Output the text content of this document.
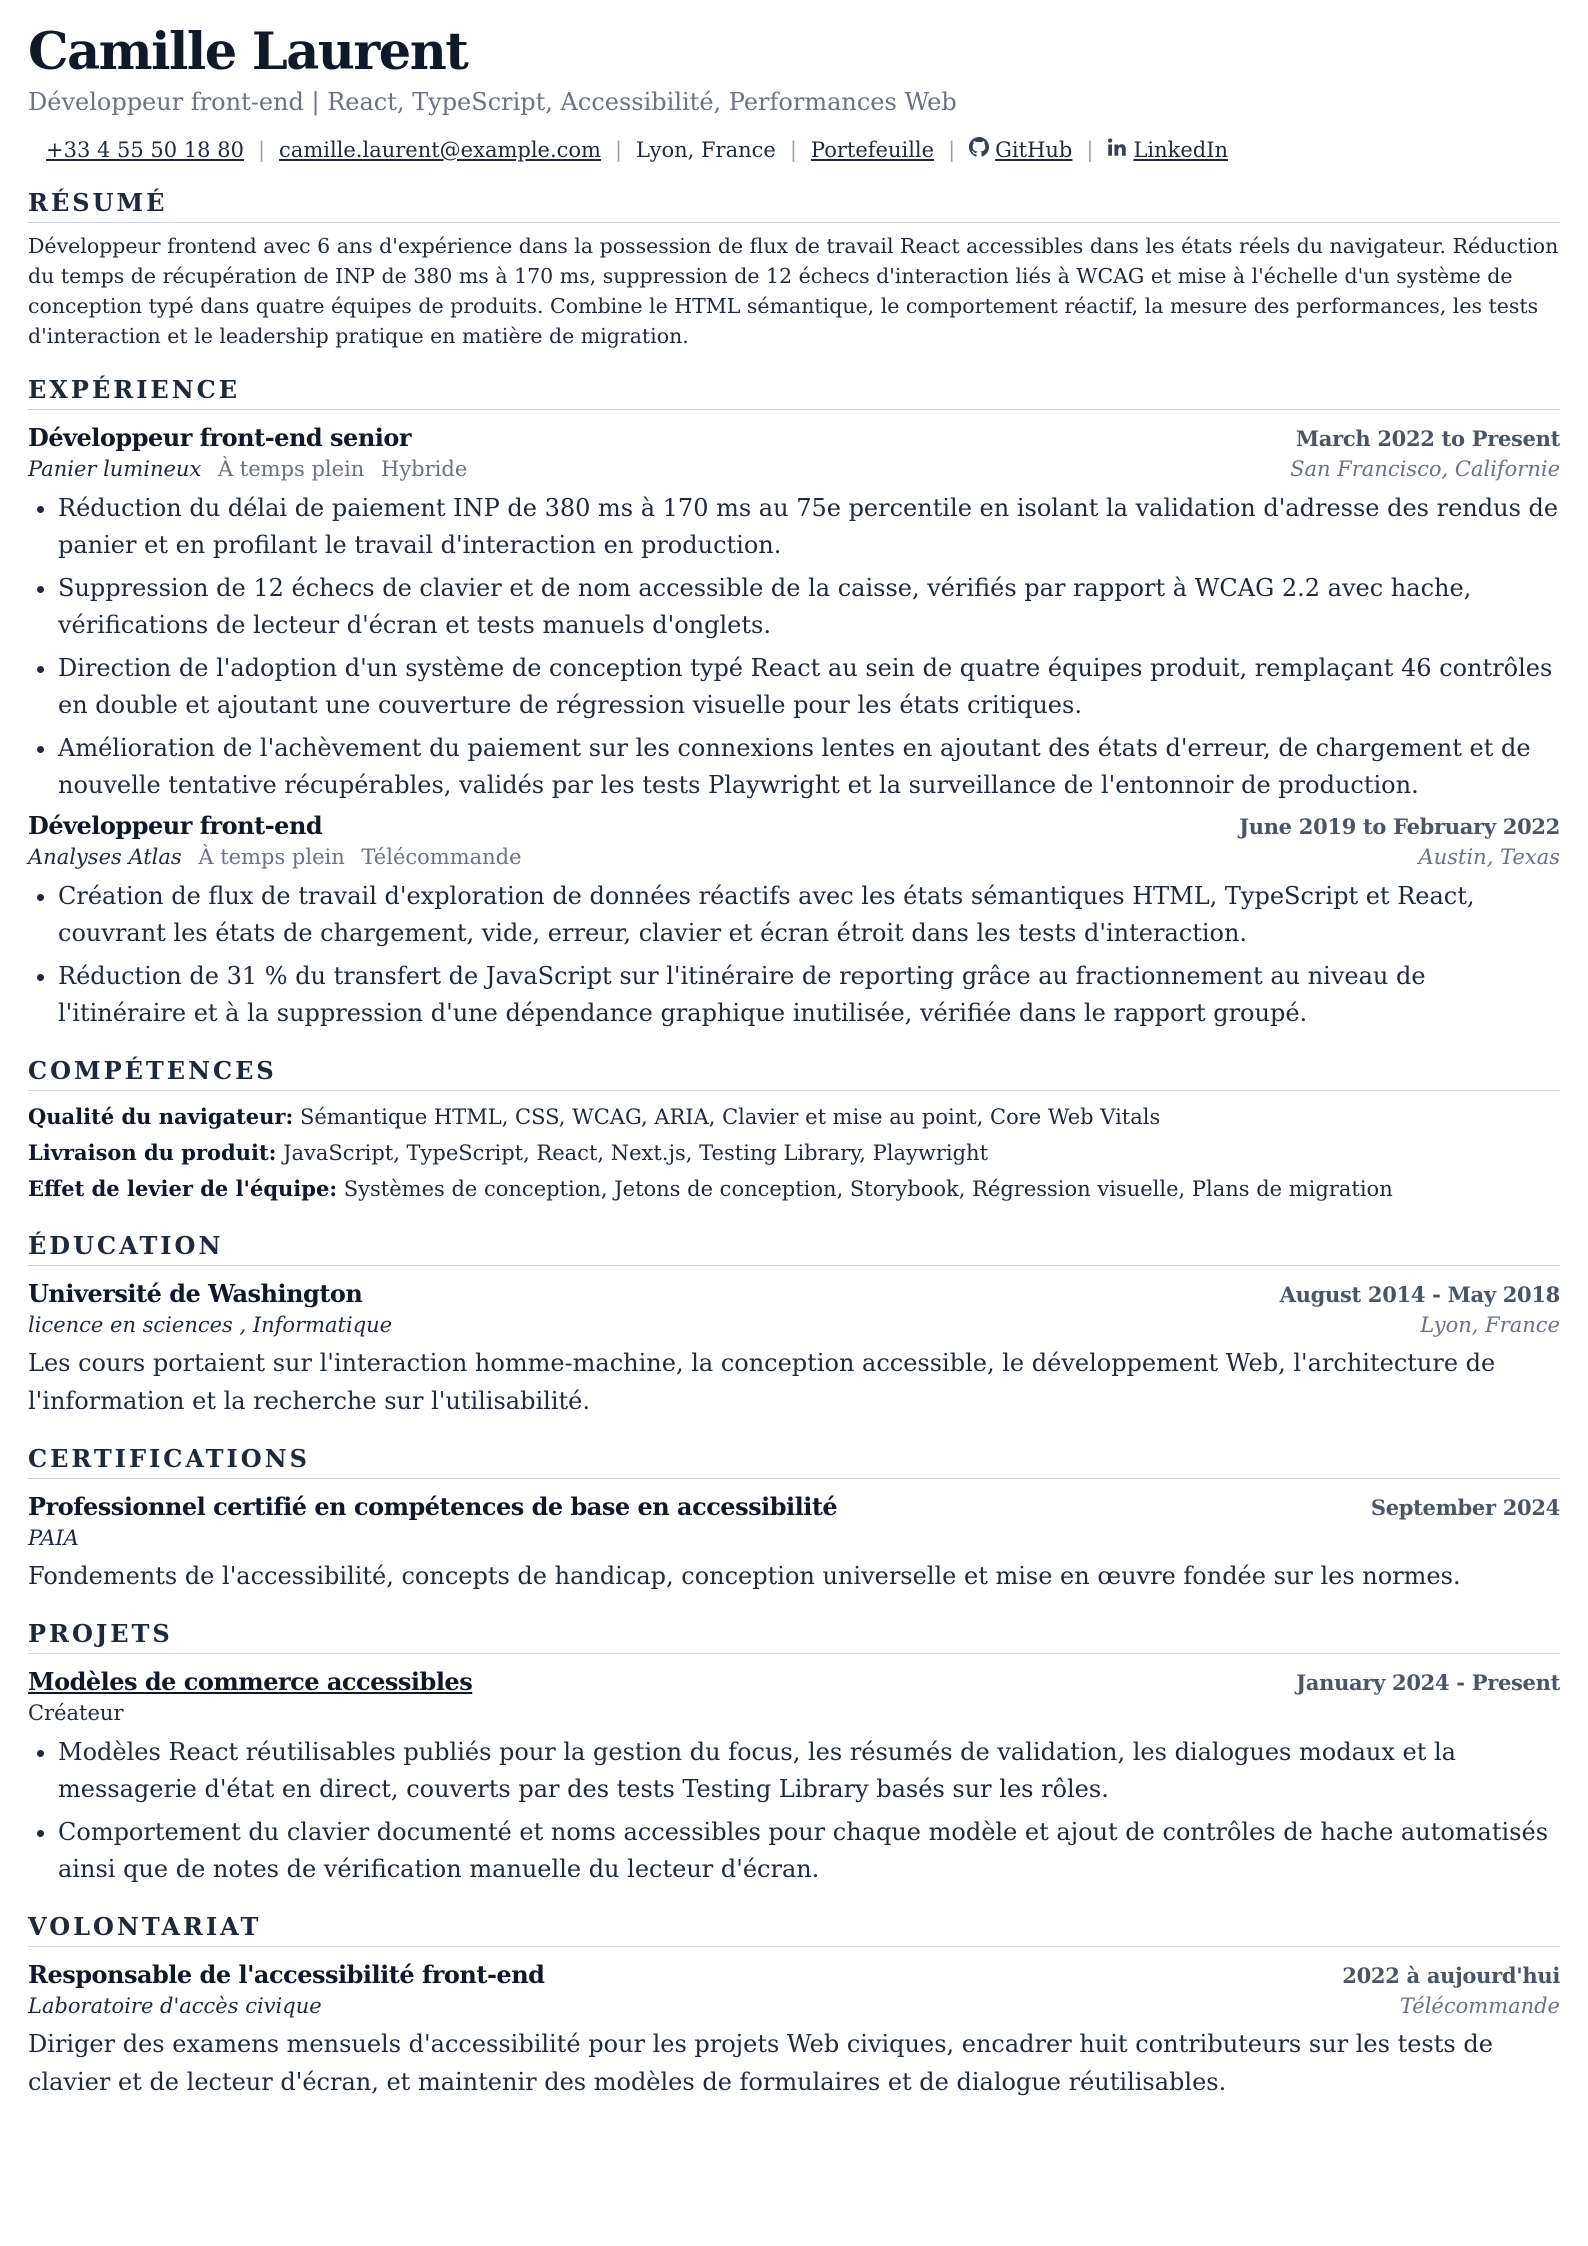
Camille Laurent
Développeur front-end | React, TypeScript, Accessibilité, Performances Web
+33 4 55 50 18 80 | camille.laurent@example.com | Lyon, France | Portefeuille | GitHub | LinkedIn
RÉSUMÉ
Développeur frontend avec 6 ans d'expérience dans la possession de flux de travail React accessibles dans les états réels du navigateur. Réduction du temps de récupération de INP de 380 ms à 170 ms, suppression de 12 échecs d'interaction liés à WCAG et mise à l'échelle d'un système de conception typé dans quatre équipes de produits. Combine le HTML sémantique, le comportement réactif, la mesure des performances, les tests d'interaction et le leadership pratique en matière de migration.
EXPÉRIENCE
Développeur front-end senior	March 2022 to Present
Panier lumineux À temps plein Hybride	San Francisco, Californie
• Réduction du délai de paiement INP de 380 ms à 170 ms au 75e percentile en isolant la validation d'adresse des rendus de panier et en profilant le travail d'interaction en production.
• Suppression de 12 échecs de clavier et de nom accessible de la caisse, vérifiés par rapport à WCAG 2.2 avec hache, vérifications de lecteur d'écran et tests manuels d'onglets.
• Direction de l'adoption d'un système de conception typé React au sein de quatre équipes produit, remplaçant 46 contrôles en double et ajoutant une couverture de régression visuelle pour les états critiques.
• Amélioration de l'achèvement du paiement sur les connexions lentes en ajoutant des états d'erreur, de chargement et de nouvelle tentative récupérables, validés par les tests Playwright et la surveillance de l'entonnoir de production.
Développeur front-end	June 2019 to February 2022
Analyses Atlas À temps plein Télécommande	Austin, Texas
• Création de flux de travail d'exploration de données réactifs avec les états sémantiques HTML, TypeScript et React, couvrant les états de chargement, vide, erreur, clavier et écran étroit dans les tests d'interaction.
• Réduction de 31 % du transfert de JavaScript sur l'itinéraire de reporting grâce au fractionnement au niveau de l'itinéraire et à la suppression d'une dépendance graphique inutilisée, vérifiée dans le rapport groupé.
COMPÉTENCES
Qualité du navigateur: Sémantique HTML, CSS, WCAG, ARIA, Clavier et mise au point, Core Web Vitals
Livraison du produit: JavaScript, TypeScript, React, Next.js, Testing Library, Playwright
Effet de levier de l'équipe: Systèmes de conception, Jetons de conception, Storybook, Régression visuelle, Plans de migration
ÉDUCATION
Université de Washington	August 2014 - May 2018
licence en sciences , Informatique	Lyon, France
Les cours portaient sur l'interaction homme-machine, la conception accessible, le développement Web, l'architecture de l'information et la recherche sur l'utilisabilité.
CERTIFICATIONS
Professionnel certifié en compétences de base en accessibilité	September 2024
PAIA
Fondements de l'accessibilité, concepts de handicap, conception universelle et mise en œuvre fondée sur les normes.
PROJETS
Modèles de commerce accessibles	January 2024 - Present
Créateur
• Modèles React réutilisables publiés pour la gestion du focus, les résumés de validation, les dialogues modaux et la messagerie d'état en direct, couverts par des tests Testing Library basés sur les rôles.
• Comportement du clavier documenté et noms accessibles pour chaque modèle et ajout de contrôles de hache automatisés ainsi que de notes de vérification manuelle du lecteur d'écran.
VOLONTARIAT
Responsable de l'accessibilité front-end	2022 à aujourd'hui
Laboratoire d'accès civique	Télécommande
Diriger des examens mensuels d'accessibilité pour les projets Web civiques, encadrer huit contributeurs sur les tests de clavier et de lecteur d'écran, et maintenir des modèles de formulaires et de dialogue réutilisables.
